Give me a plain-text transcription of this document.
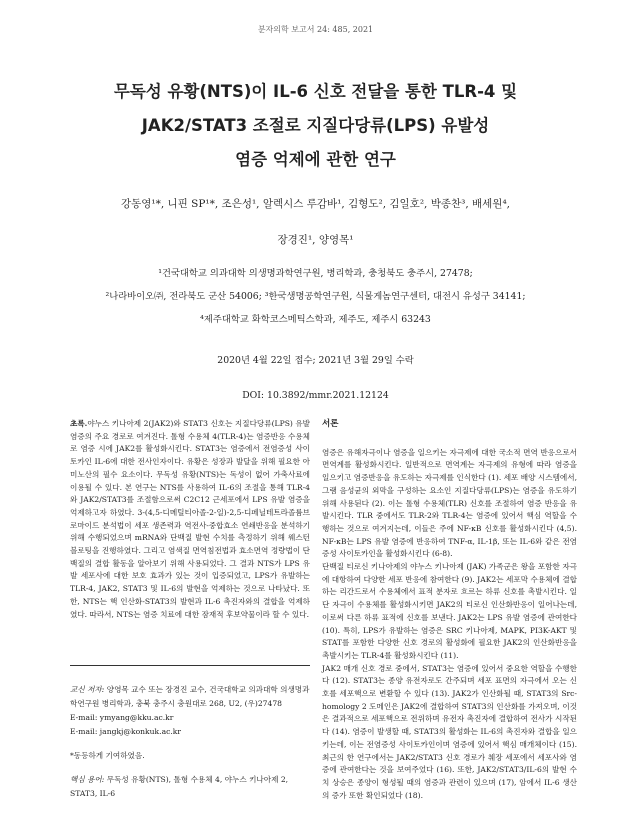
분자의학 보고서 24: 485, 2021
무독성 유황(NTS)이 IL-6 신호 전달을 통한 TLR-4 및
JAK2/STAT3 조절로 지질다당류(LPS) 유발성
염증 억제에 관한 연구
강동영¹*, 니핀 SP¹*, 조은성¹, 알렉시스 루감바¹, 김형도², 김일호², 박종찬³, 배세원⁴,
장경진¹, 양영목¹
¹건국대학교 의과대학 의생명과학연구원, 병리학과, 충청북도 충주시, 27478;
²나라바이오㈜, 전라북도 군산 54006; ³한국생명공학연구원, 식물게놈연구센터, 대전시 유성구 34141;
⁴제주대학교 화학코스메틱스학과, 제주도, 제주시 63243
2020년 4월 22일 접수; 2021년 3월 29일 수락
DOI: 10.3892/mmr.2021.12124
초록.야누스 키나아제 2(JAK2)와 STAT3 신호는 지질다당류(LPS) 유발 염증의 주요 경로로 여겨진다. 톨형 수용체 4(TLR-4)는 염증반응 수용체로 염증 시에 JAK2를 활성화시킨다. STAT3는 염증에서 전염증성 사이토카인 IL-6에 대한 전사인자이다. 유황은 성장과 발달을 위해 필요한 아미노산의 필수 요소이다. 무독성 유황(NTS)는 독성이 없어 가축사료에 이용될 수 있다. 본 연구는 NTS를 사용하여 IL-6의 조절을 통해 TLR-4와 JAK2/STAT3를 조절함으로써 C2C12 근세포에서 LPS 유발 염증을 억제하고자 하였다. 3-(4,5-디메틸티아졸-2-일)-2,5-디페닐테트라졸륨브로마이드 분석법이 세포 생존력과 역전사-중합효소 연쇄반응을 분석하기 위해 수행되었으며 mRNA와 단백질 발현 수치를 측정하기 위해 웨스턴블로팅을 진행하였다. 그리고 염색질 면역침전법과 효소면역 정량법이 단백질의 결합 활동을 알아보기 위해 사용되었다. 그 결과 NTS가 LPS 유발 세포사에 대한 보호 효과가 있는 것이 입증되었고, LPS가 유발하는 TLR-4, JAK2, STAT3 및 IL-6의 발현을 억제하는 것으로 나타났다. 또한, NTS는 핵 인산화-STAT3의 발현과 IL-6 촉진자와의 결합을 억제하였다. 따라서, NTS는 염증 치료에 대한 잠재적 후보약물이라 할 수 있다.
서론

염증은 유해자극이나 염증을 일으키는 자극제에 대한 국소적 면역 반응으로서 면역계를 활성화시킨다. 일반적으로 면역계는 자극제의 유형에 따라 염증을 일으키고 염증반응을 유도하는 자극제를 인식한다 (1). 세포 배양 시스템에서, 그램 음성균의 외막을 구성하는 요소인 지질다당류(LPS)는 염증을 유도하기 위해 사용된다 (2). 이는 톨형 수용체(TLR) 신호를 조절하여 염증 반응을 유발시킨다. TLR 중에서도 TLR-2와 TLR-4는 염증에 있어서 핵심 역할을 수행하는 것으로 여겨지는데, 이들은 주에 NF-κB 신호를 활성화시킨다 (4,5). NF-κB는 LPS 유발 염증에 반응하여 TNF-α, IL-1β, 또는 IL-6와 같은 전염증성 사이토카인을 활성화시킨다 (6-8).

단백질 티로신 키나아제의 야누스 키나아제 (JAK) 가족군은 왕을 포함한 자극에 대항하여 다양한 세포 반응에 참여한다 (9). JAK2는 세포막 수용체에 결합하는 리간드로서 수용체에서 표적 분자로 흐르는 하류 신호를 촉발시킨다. 일단 자극이 수용체를 활성화시키면 JAK2의 티로신 인산화반응이 일어나는데, 이로써 다른 하류 표적에 신호를 보낸다. JAK2는 LPS 유발 염증에 관여한다 (10). 특히, LPS가 유발하는 염증은 SRC 키나아제, MAPK, PI3K-AKT 및 STAT를 포함한 다양한 신호 경로의 활성화에 필요한 JAK2의 인산화반응을 촉발시키는 TLR-4를 활성화시킨다 (11).

JAK2 매개 신호 경로 중에서, STAT3는 염증에 있어서 중요한 역할을 수행한다 (12). STAT3는 종양 유전자로도 간주되며 세포 표면의 자극에서 오는 신호를 세포핵으로 변환할 수 있다 (13). JAK2가 인산화될 때, STAT3의 Src-homology 2 도메인은 JAK2에 결합하여 STAT3의 인산화를 가져오며, 이것은 결과적으로 세포핵으로 전위하며 유전자 촉진자에 결합하여 전사가 시작된다 (14). 염증이 발생할 때, STAT3의 활성화는 IL-6의 촉진자와 결합을 일으키는데, 이는 전염증성 사이토카인이며 염증에 있어서 핵심 매개체이다 (15). 최근의 한 연구에서는 JAK2/STAT3 신호 경로가 췌장 세포에서 세포사와 염증에 관여한다는 것을 보여주었다 (16). 또한, JAK2/STAT3/IL-6의 발현 수치 상승은 종양이 형성될 때의 염증과 관련이 있으며 (17), 암에서 IL-6 생산의 증가 또한 확인되었다 (18).

교신 저자: 양영목 교수 또는 장경진 교수, 건국대학교 의과대학 의생명과학연구원 병리학과, 충북 충주시 충원대로 268, U2, (우)27478
E-mail: ymyang@kku.ac.kr
E-mail: jangkj@konkuk.ac.kr
*동등하게 기여하였음.
핵심 용어: 무독성 유황(NTS), 톨형 수용체 4, 야누스 키나아제 2, STAT3, IL-6
